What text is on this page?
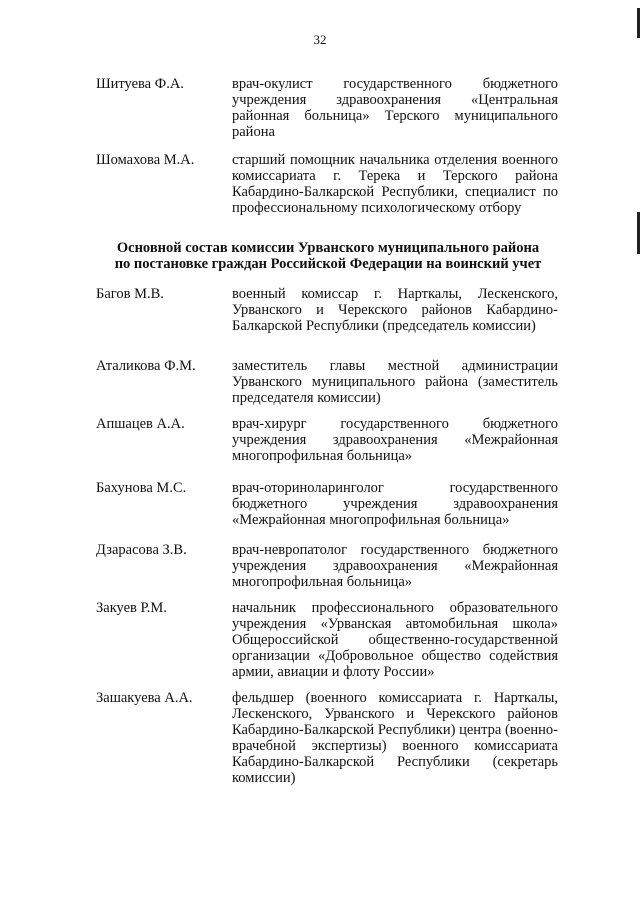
32
Шитуева Ф.А.	врач-окулист государственного бюджетного учреждения здравоохранения «Центральная районная больница» Терского муниципального района
Шомахова М.А.	старший помощник начальника отделения военного комиссариата г. Терека и Терского района Кабардино-Балкарской Республики, специалист по профессиональному психологическому отбору
Основной состав комиссии Урванского муниципального района
по постановке граждан Российской Федерации на воинский учет
Багов М.В.	военный комиссар г. Нарткалы, Лескенского, Урванского и Черекского районов Кабардино-Балкарской Республики (председатель комиссии)
Аталикова Ф.М.	заместитель главы местной администрации Урванского муниципального района (заместитель председателя комиссии)
Апшацев А.А.	врач-хирург государственного бюджетного учреждения здравоохранения «Межрайонная многопрофильная больница»
Бахунова М.С.	врач-оториноларинголог государственного бюджетного учреждения здравоохранения «Межрайонная многопрофильная больница»
Дзарасова З.В.	врач-невропатолог государственного бюджетного учреждения здравоохранения «Межрайонная многопрофильная больница»
Закуев Р.М.	начальник профессионального образовательного учреждения «Урванская автомобильная школа» Общероссийской общественно-государственной организации «Добровольное общество содействия армии, авиации и флоту России»
Зашакуева А.А.	фельдшер (военного комиссариата г. Нарткалы, Лескенского, Урванского и Черекского районов Кабардино-Балкарской Республики) центра (военно-врачебной экспертизы) военного комиссариата Кабардино-Балкарской Республики (секретарь комиссии)
